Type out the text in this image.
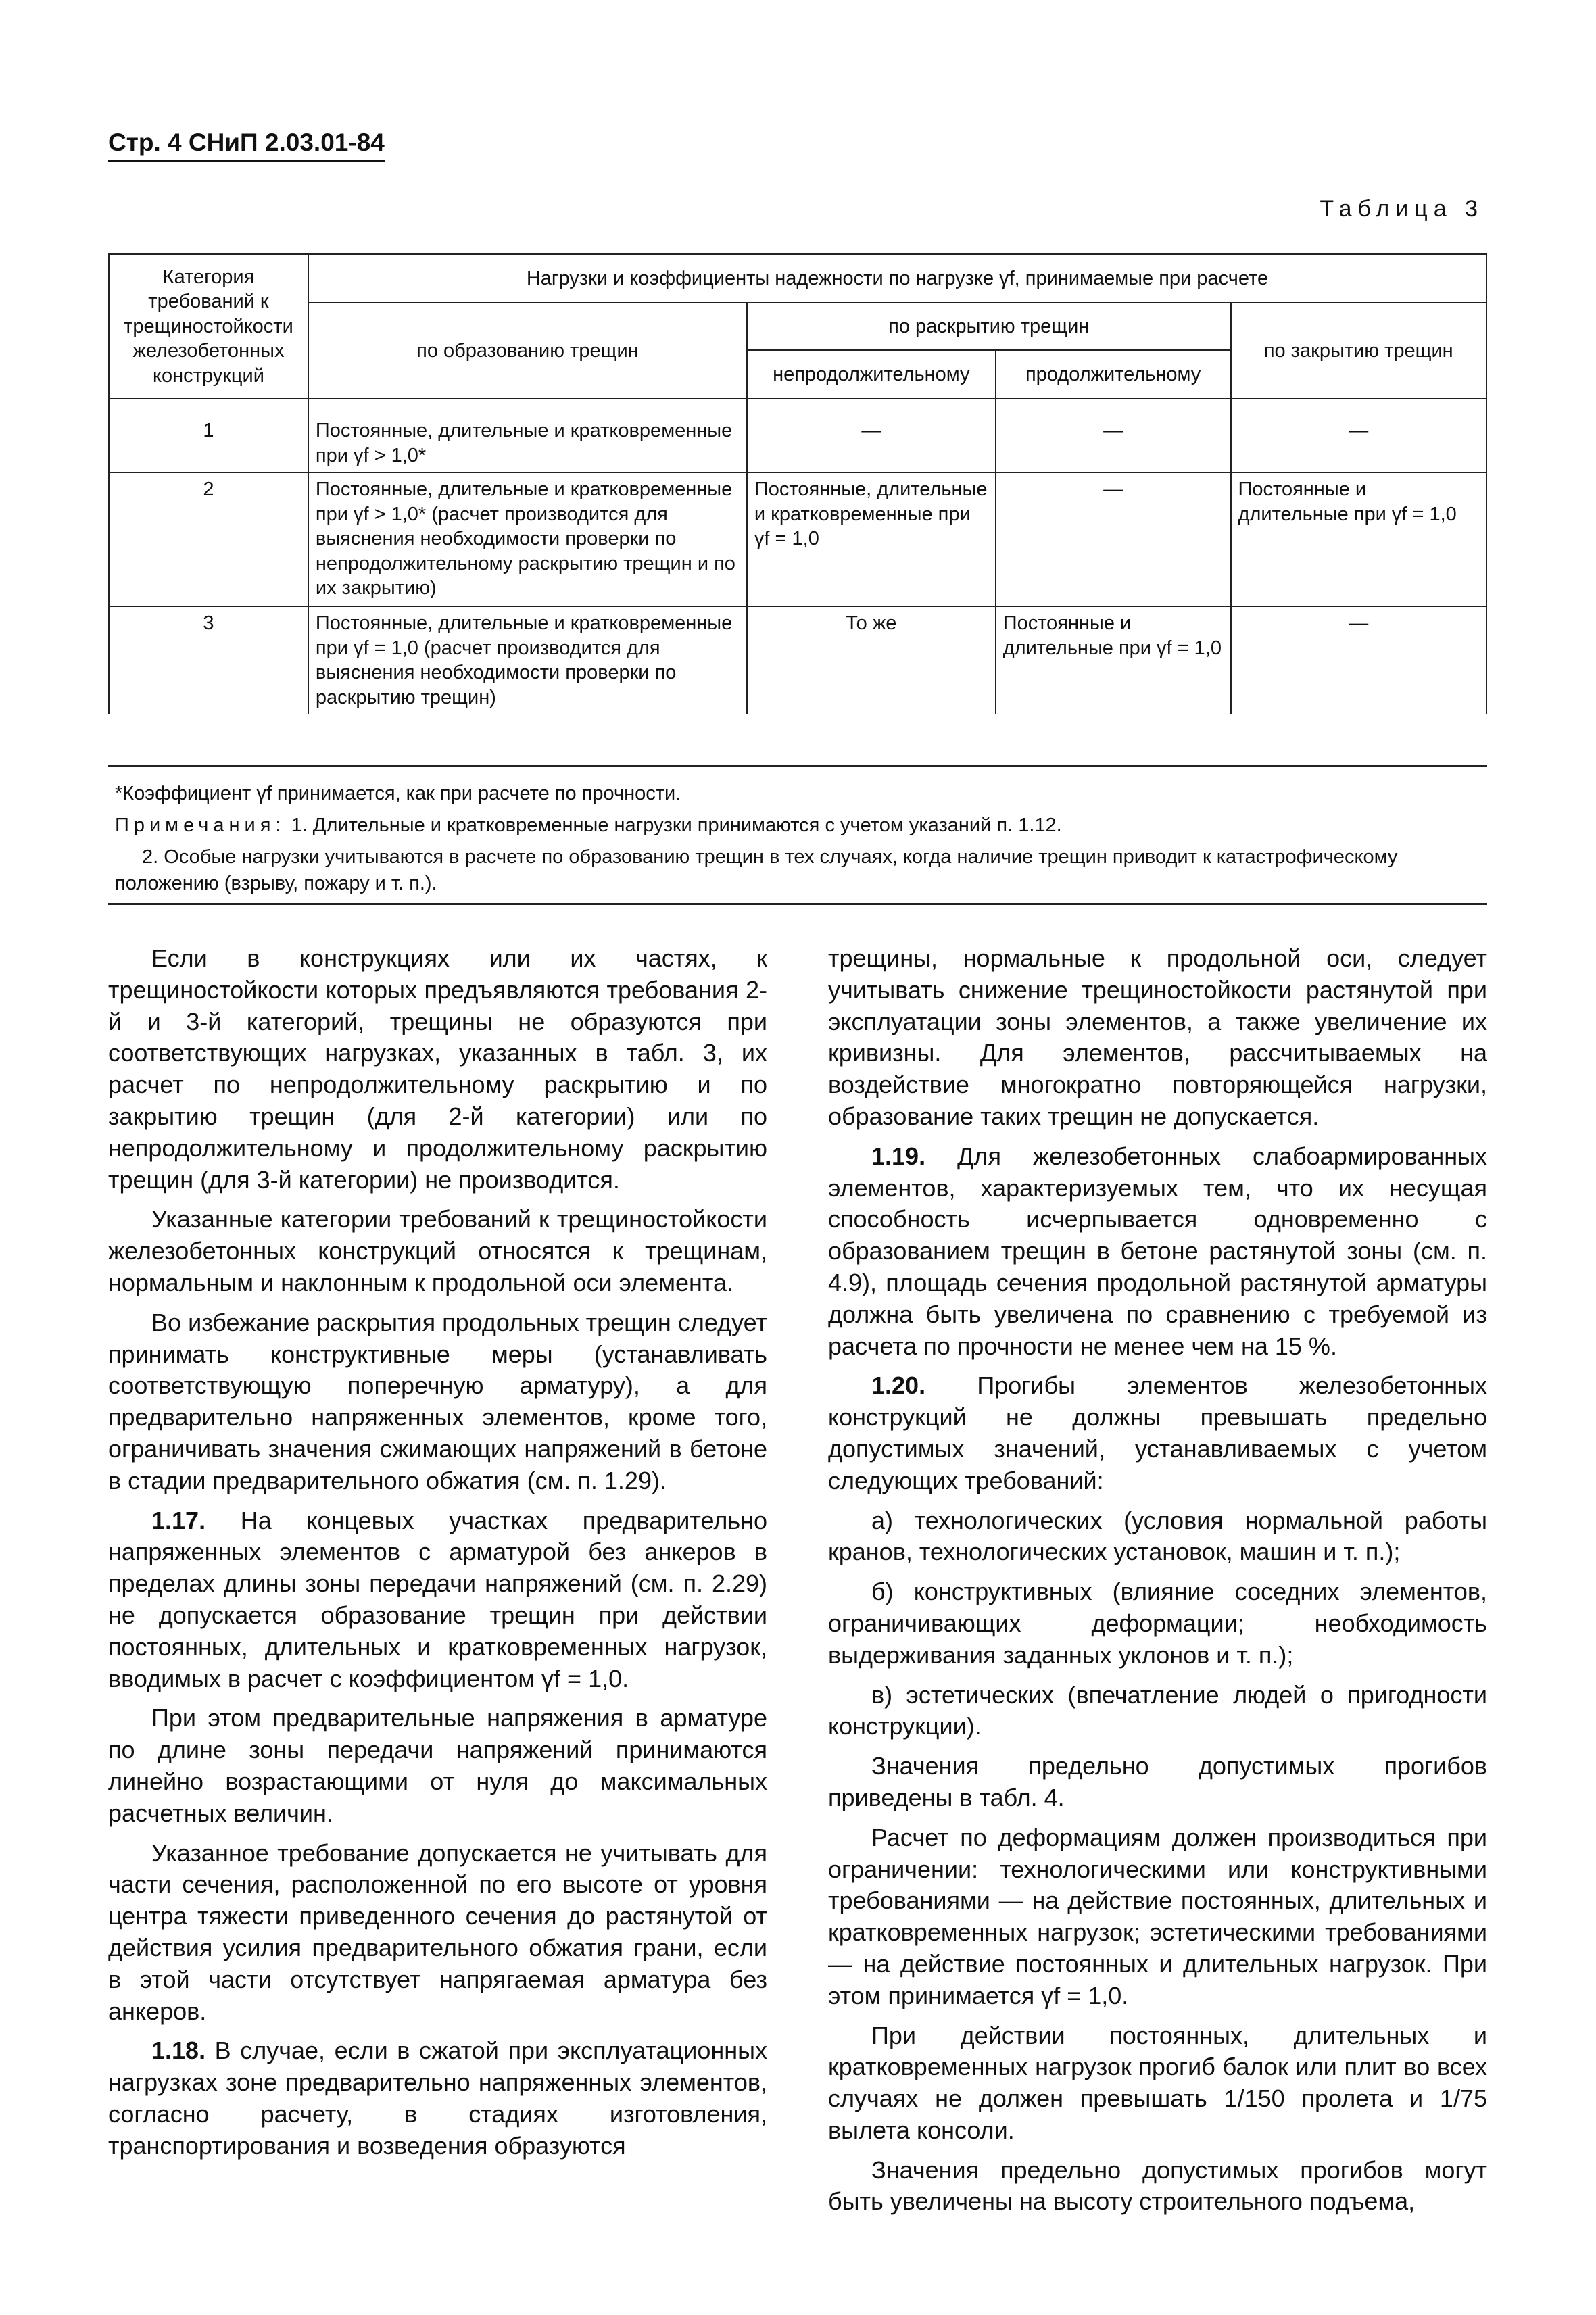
Стр. 4 СНиП 2.03.01-84
Таблица 3
Категория требований к трещиностойкости железобетонных конструкций	Нагрузки и коэффициенты надежности по нагрузке γf, принимаемые при расчете			
	по образованию трещин	по раскрытию трещин		по закрытию трещин
		непродолжительному	продолжительному	
1	Постоянные, длительные и кратковременные при γf > 1,0*	—	—	—
2	Постоянные, длительные и кратковременные при γf > 1,0* (расчет производится для выяснения необходимости проверки по непродолжительному раскрытию трещин и по их закрытию)	Постоянные, длительные и кратковременные при γf = 1,0	—	Постоянные и длительные при γf = 1,0
3	Постоянные, длительные и кратковременные при γf = 1,0 (расчет производится для выяснения необходимости проверки по раскрытию трещин)	То же	Постоянные и длительные при γf = 1,0	—

*Коэффициент γf принимается, как при расчете по прочности.

Примечания: 1. Длительные и кратковременные нагрузки принимаются с учетом указаний п. 1.12.

2. Особые нагрузки учитываются в расчете по образованию трещин в тех случаях, когда наличие трещин приводит к катастрофическому положению (взрыву, пожару и т. п.).

Если в конструкциях или их частях, к трещиностойкости которых предъявляются требования 2-й и 3-й категорий, трещины не образуются при соответствующих нагрузках, указанных в табл. 3, их расчет по непродолжительному раскрытию и по закрытию трещин (для 2-й категории) или по непродолжительному и продолжительному раскрытию трещин (для 3-й категории) не производится.

Указанные категории требований к трещиностойкости железобетонных конструкций относятся к трещинам, нормальным и наклонным к продольной оси элемента.

Во избежание раскрытия продольных трещин следует принимать конструктивные меры (устанавливать соответствующую поперечную арматуру), а для предварительно напряженных элементов, кроме того, ограничивать значения сжимающих напряжений в бетоне в стадии предварительного обжатия (см. п. 1.29).

1.17. На концевых участках предварительно напряженных элементов с арматурой без анкеров в пределах длины зоны передачи напряжений (см. п. 2.29) не допускается образование трещин при действии постоянных, длительных и кратковременных нагрузок, вводимых в расчет с коэффициентом γf = 1,0.

При этом предварительные напряжения в арматуре по длине зоны передачи напряжений принимаются линейно возрастающими от нуля до максимальных расчетных величин.

Указанное требование допускается не учитывать для части сечения, расположенной по его высоте от уровня центра тяжести приведенного сечения до растянутой от действия усилия предварительного обжатия грани, если в этой части отсутствует напрягаемая арматура без анкеров.

1.18. В случае, если в сжатой при эксплуатационных нагрузках зоне предварительно напряженных элементов, согласно расчету, в стадиях изготовления, транспортирования и возведения образуются

трещины, нормальные к продольной оси, следует учитывать снижение трещиностойкости растянутой при эксплуатации зоны элементов, а также увеличение их кривизны. Для элементов, рассчитываемых на воздействие многократно повторяющейся нагрузки, образование таких трещин не допускается.

1.19. Для железобетонных слабоармированных элементов, характеризуемых тем, что их несущая способность исчерпывается одновременно с образованием трещин в бетоне растянутой зоны (см. п. 4.9), площадь сечения продольной растянутой арматуры должна быть увеличена по сравнению с требуемой из расчета по прочности не менее чем на 15 %.

1.20. Прогибы элементов железобетонных конструкций не должны превышать предельно допустимых значений, устанавливаемых с учетом следующих требований:

а) технологических (условия нормальной работы кранов, технологических установок, машин и т. п.);

б) конструктивных (влияние соседних элементов, ограничивающих деформации; необходимость выдерживания заданных уклонов и т. п.);

в) эстетических (впечатление людей о пригодности конструкции).

Значения предельно допустимых прогибов приведены в табл. 4.

Расчет по деформациям должен производиться при ограничении: технологическими или конструктивными требованиями — на действие постоянных, длительных и кратковременных нагрузок; эстетическими требованиями — на действие постоянных и длительных нагрузок. При этом принимается γf = 1,0.

При действии постоянных, длительных и кратковременных нагрузок прогиб балок или плит во всех случаях не должен превышать 1/150 пролета и 1/75 вылета консоли.

Значения предельно допустимых прогибов могут быть увеличены на высоту строительного подъема,
